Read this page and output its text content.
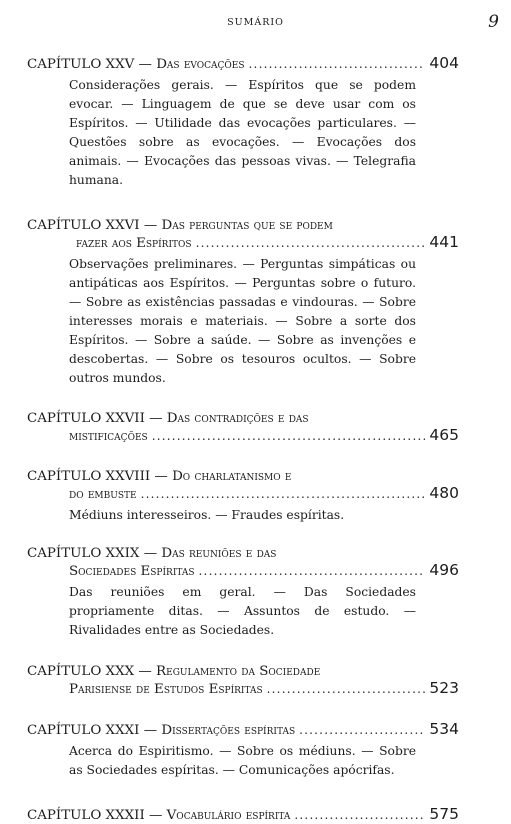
SUMÁRIO	9
CAPÍTULO XXV — Das evocações .....	404
Considerações gerais. — Espíritos que se podem evocar. — Linguagem de que se deve usar com os Espíritos. — Utilidade das evocações particulares. — Questões sobre as evocações. — Evocações dos animais. — Evocações das pessoas vivas. — Telegrafia humana.
CAPÍTULO XXVI — Das perguntas que se podem
fazer aos Espíritos .....	441
Observações preliminares. — Perguntas simpáticas ou antipáticas aos Espíritos. — Perguntas sobre o futuro. — Sobre as existências passadas e vindouras. — Sobre interesses morais e materiais. — Sobre a sorte dos Espíritos. — Sobre a saúde. — Sobre as invenções e descobertas. — Sobre os tesouros ocultos. — Sobre outros mundos.
CAPÍTULO XXVII — Das contradições e das
mistificações .....	465
CAPÍTULO XXVIII — Do charlatanismo e
do embuste .....	480
Médiuns interesseiros. — Fraudes espíritas.
CAPÍTULO XXIX — Das reuniões e das
Sociedades Espíritas .....	496
Das reuniões em geral. — Das Sociedades propriamente ditas. — Assuntos de estudo. — Rivalidades entre as Sociedades.
CAPÍTULO XXX — Regulamento da Sociedade
Parisiense de Estudos Espíritas .....	523
CAPÍTULO XXXI — Dissertações espíritas .....	534
Acerca do Espiritismo. — Sobre os médiuns. — Sobre as Sociedades espíritas. — Comunicações apócrifas.
CAPÍTULO XXXII — Vocabulário espírita .....	575
